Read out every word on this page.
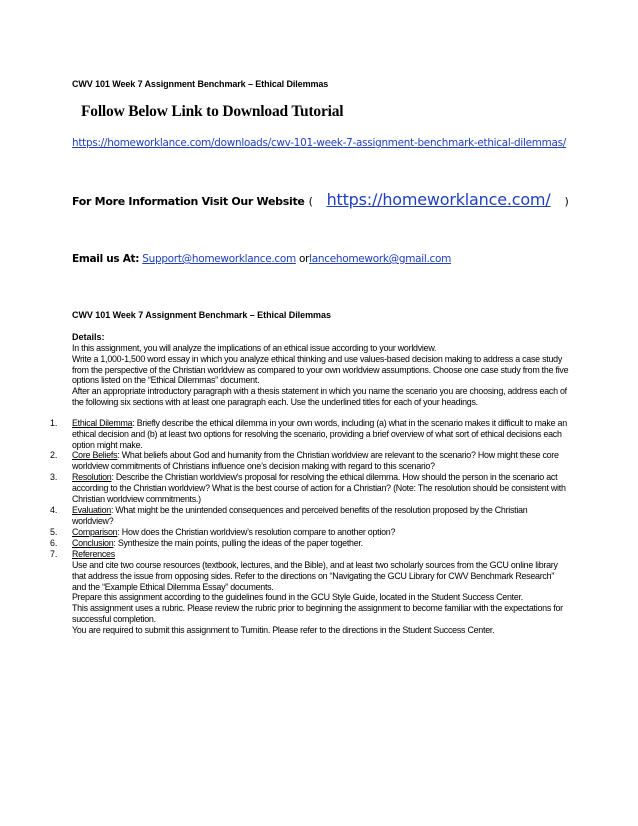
CWV 101 Week 7 Assignment Benchmark – Ethical Dilemmas
Follow Below Link to Download Tutorial
https://homeworklance.com/downloads/cwv-101-week-7-assignment-benchmark-ethical-dilemmas/
For More Information Visit Our Website ( https://homeworklance.com/ )
Email us At: Support@homeworklance.com orlancehomework@gmail.com
CWV 101 Week 7 Assignment Benchmark – Ethical Dilemmas
Details:

In this assignment, you will analyze the implications of an ethical issue according to your worldview.

Write a 1,000-1,500 word essay in which you analyze ethical thinking and use values-based decision making to address a case study from the perspective of the Christian worldview as compared to your own worldview assumptions. Choose one case study from the five options listed on the “Ethical Dilemmas” document.

After an appropriate introductory paragraph with a thesis statement in which you name the scenario you are choosing, address each of the following six sections with at least one paragraph each. Use the underlined titles for each of your headings.

1. Ethical Dilemma: Briefly describe the ethical dilemma in your own words, including (a) what in the scenario makes it difficult to make an ethical decision and (b) at least two options for resolving the scenario, providing a brief overview of what sort of ethical decisions each option might make.
2. Core Beliefs: What beliefs about God and humanity from the Christian worldview are relevant to the scenario? How might these core worldview commitments of Christians influence one’s decision making with regard to this scenario?
3. Resolution: Describe the Christian worldview’s proposal for resolving the ethical dilemma. How should the person in the scenario act according to the Christian worldview? What is the best course of action for a Christian? (Note: The resolution should be consistent with Christian worldview commitments.)
4. Evaluation: What might be the unintended consequences and perceived benefits of the resolution proposed by the Christian worldview?
5. Comparison: How does the Christian worldview’s resolution compare to another option?
6. Conclusion: Synthesize the main points, pulling the ideas of the paper together.
7. References

Use and cite two course resources (textbook, lectures, and the Bible), and at least two scholarly sources from the GCU online library that address the issue from opposing sides. Refer to the directions on “Navigating the GCU Library for CWV Benchmark Research” and the “Example Ethical Dilemma Essay” documents.

Prepare this assignment according to the guidelines found in the GCU Style Guide, located in the Student Success Center.

This assignment uses a rubric. Please review the rubric prior to beginning the assignment to become familiar with the expectations for successful completion.

You are required to submit this assignment to Turnitin. Please refer to the directions in the Student Success Center.
